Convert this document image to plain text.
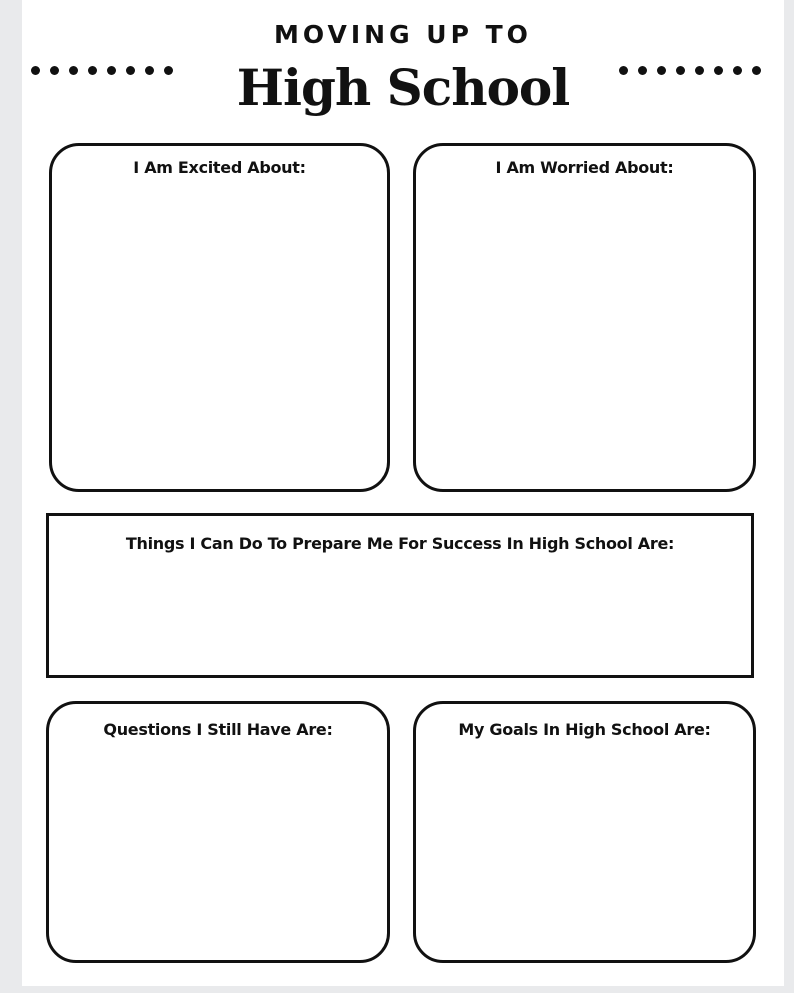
MOVING UP TO
High School
I Am Excited About:	I Am Worried About:
Things I Can Do To Prepare Me For Success In High School Are:
Questions I Still Have Are:	My Goals In High School Are:
